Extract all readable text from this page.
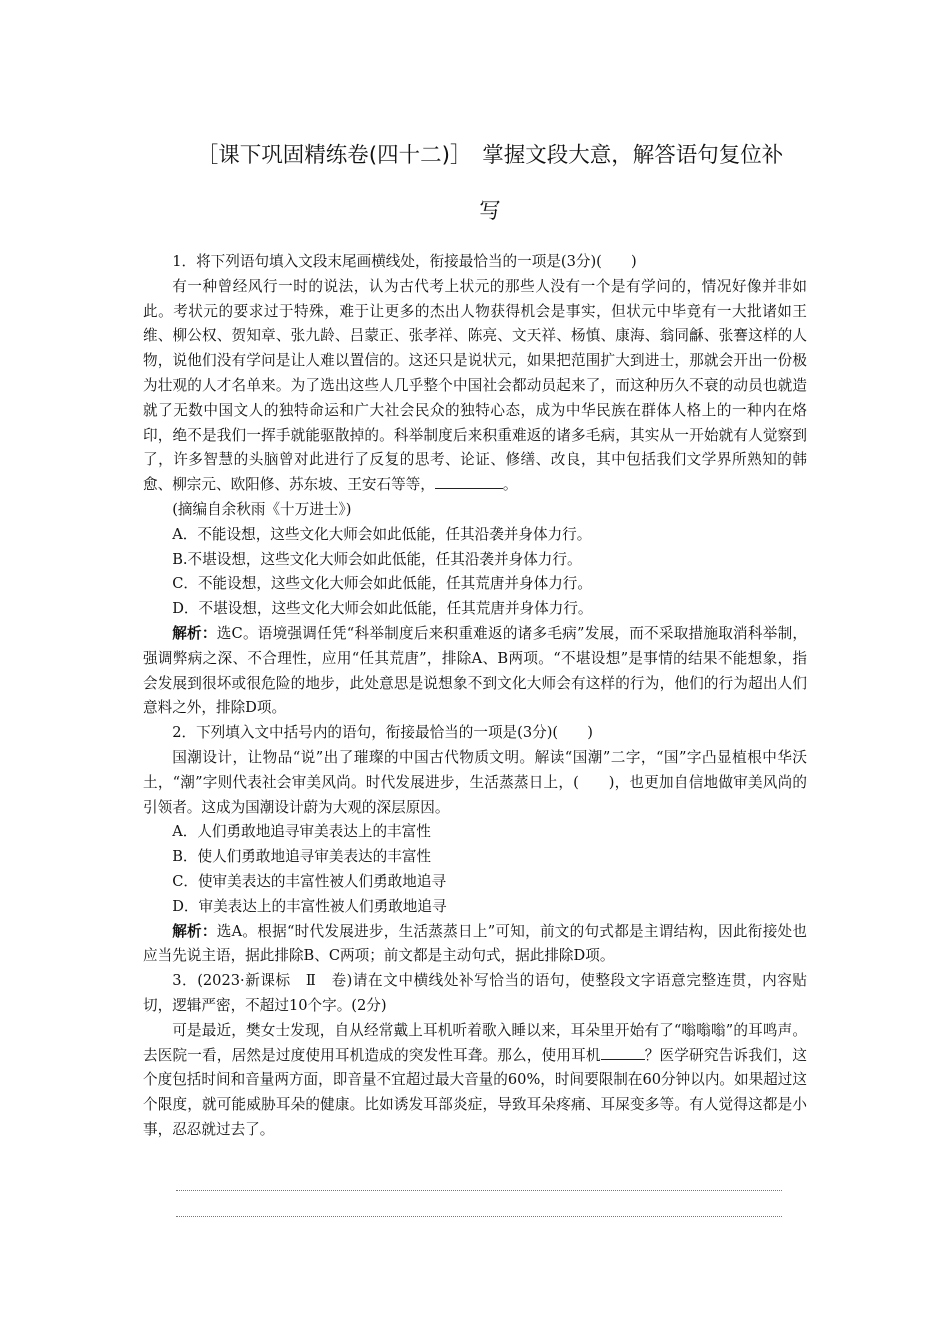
［课下巩固精练卷(四十二)］　掌握文段大意，解答语句复位补
写

1．将下列语句填入文段末尾画横线处，衔接最恰当的一项是(3分)(　　)

有一种曾经风行一时的说法，认为古代考上状元的那些人没有一个是有学问的，情况好像并非如此。考状元的要求过于特殊，难于让更多的杰出人物获得机会是事实，但状元中毕竟有一大批诸如王维、柳公权、贺知章、张九龄、吕蒙正、张孝祥、陈亮、文天祥、杨慎、康海、翁同龢、张謇这样的人物，说他们没有学问是让人难以置信的。这还只是说状元，如果把范围扩大到进士，那就会开出一份极为壮观的人才名单来。为了选出这些人几乎整个中国社会都动员起来了，而这种历久不衰的动员也就造就了无数中国文人的独特命运和广大社会民众的独特心态，成为中华民族在群体人格上的一种内在烙印，绝不是我们一挥手就能驱散掉的。科举制度后来积重难返的诸多毛病，其实从一开始就有人觉察到了，许多智慧的头脑曾对此进行了反复的思考、论证、修缮、改良，其中包括我们文学界所熟知的韩愈、柳宗元、欧阳修、苏东坡、王安石等等，	。

(摘编自余秋雨《十万进士》)

A．不能设想，这些文化大师会如此低能，任其沿袭并身体力行。

B.不堪设想，这些文化大师会如此低能，任其沿袭并身体力行。

C．不能设想，这些文化大师会如此低能，任其荒唐并身体力行。

D．不堪设想，这些文化大师会如此低能，任其荒唐并身体力行。

解析：选C。语境强调任凭“科举制度后来积重难返的诸多毛病”发展，而不采取措施取消科举制，强调弊病之深、不合理性，应用“任其荒唐”，排除A、B两项。“不堪设想”是事情的结果不能想象，指会发展到很坏或很危险的地步，此处意思是说想象不到文化大师会有这样的行为，他们的行为超出人们意料之外，排除D项。

2．下列填入文中括号内的语句，衔接最恰当的一项是(3分)(　　)

国潮设计，让物品“说”出了璀璨的中国古代物质文明。解读“国潮”二字，“国”字凸显植根中华沃土，“潮”字则代表社会审美风尚。时代发展进步，生活蒸蒸日上，(　　)，也更加自信地做审美风尚的引领者。这成为国潮设计蔚为大观的深层原因。

A．人们勇敢地追寻审美表达上的丰富性

B．使人们勇敢地追寻审美表达的丰富性

C．使审美表达的丰富性被人们勇敢地追寻

D．审美表达上的丰富性被人们勇敢地追寻

解析：选A。根据“时代发展进步，生活蒸蒸日上”可知，前文的句式都是主谓结构，因此衔接处也应当先说主语，据此排除B、C两项；前文都是主动句式，据此排除D项。

3．(2023·新课标　Ⅱ　卷)请在文中横线处补写恰当的语句，使整段文字语意完整连贯，内容贴切，逻辑严密，不超过10个字。(2分)

可是最近，樊女士发现，自从经常戴上耳机听着歌入睡以来，耳朵里开始有了“嗡嗡嗡”的耳鸣声。去医院一看，居然是过度使用耳机造成的突发性耳聋。那么，使用耳机	？医学研究告诉我们，这个度包括时间和音量两方面，即音量不宜超过最大音量的60%，时间要限制在60分钟以内。如果超过这个限度，就可能威胁耳朵的健康。比如诱发耳部炎症，导致耳朵疼痛、耳屎变多等。有人觉得这都是小事，忍忍就过去了。
